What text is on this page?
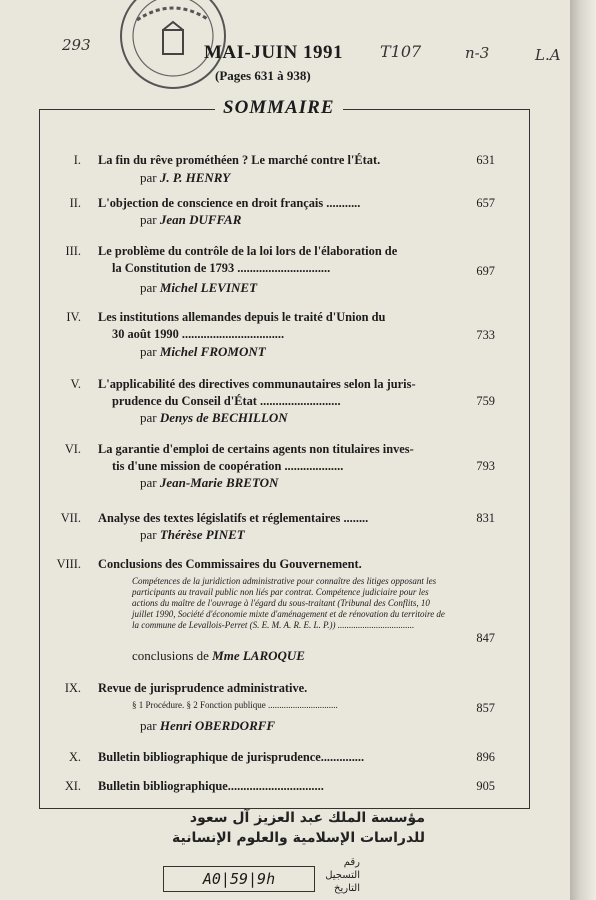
293	T107	n-3	L.A
MAI-JUIN 1991
(Pages 631 à 938)
SOMMAIRE
I. La fin du rêve prométhéen ? Le marché contre l'État.	631
par J. P. HENRY
II. L'objection de conscience en droit français ...........	657
par Jean DUFFAR
III. Le problème du contrôle de la loi lors de l'élaboration de
la Constitution de 1793 ..............................	697
par Michel LEVINET
IV. Les institutions allemandes depuis le traité d'Union du
30 août 1990 .................................	733
par Michel FROMONT
V. L'applicabilité des directives communautaires selon la juris-
prudence du Conseil d'État ..........................	759
par Denys de BECHILLON
VI. La garantie d'emploi de certains agents non titulaires inves-
tis d'une mission de coopération ...................	793
par Jean-Marie BRETON
VII. Analyse des textes législatifs et réglementaires ........	831
par Thérèse PINET
VIII. Conclusions des Commissaires du Gouvernement.
847
conclusions de Mme LAROQUE
IX. Revue de jurisprudence administrative.
857
par Henri OBERDORFF
X. Bulletin bibliographique de jurisprudence..............	896
XI. Bulletin bibliographique...............................	905
Compétences de la juridiction administrative pour connaître des litiges opposant les participants au travail public non liés par contrat. Compétence judiciaire pour les actions du maître de l'ouvrage à l'égard du sous-traitant (Tribunal des Conflits, 10 juillet 1990, Société d'économie mixte d'aménagement et de rénovation du territoire de la commune de Levallois-Perret (S. E. M. A. R. E. L. P.)) ..................................
§ 1 Procédure. § 2 Fonction publique ...............................
مؤسسة الملك عبد العزيز آل سعود
للدراسات الإسلامية والعلوم الإنسانية
A0|59|9h
رقم التسجيل
التاريخ
